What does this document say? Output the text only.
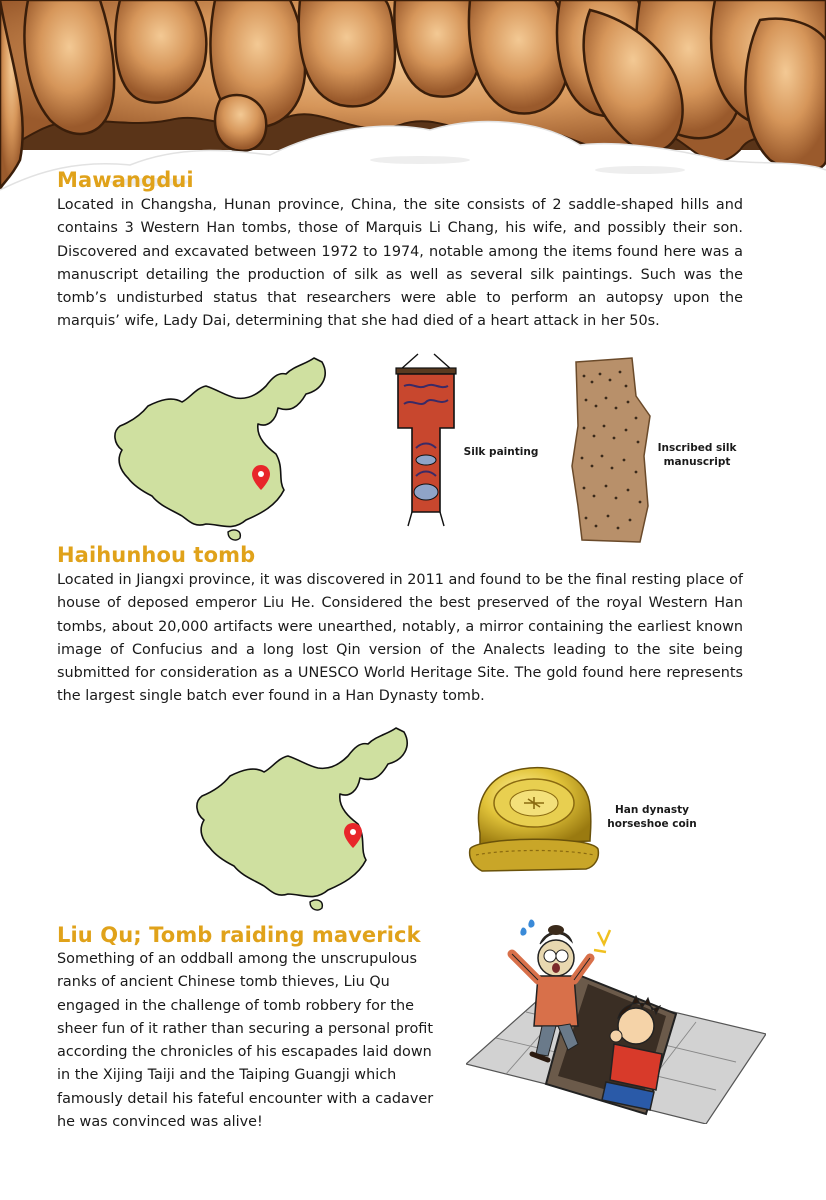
Mawangdui

Located in Changsha, Hunan province, China, the site consists of 2 saddle-shaped hills and contains 3 Western Han tombs, those of Marquis Li Chang, his wife, and possibly their son. Discovered and excavated between 1972 to 1974, notable among the items found here was a manuscript detailing the production of silk as well as several silk paintings. Such was the tomb’s undisturbed status that researchers were able to perform an autopsy upon the marquis’ wife, Lady Dai, determining that she had died of a heart attack in her 50s.

Silk painting	Inscribed silk
manuscript
Haihunhou tomb

Located in Jiangxi province, it was discovered in 2011 and found to be the final resting place of house of deposed emperor Liu He. Considered the best preserved of the royal Western Han tombs, about 20,000 artifacts were unearthed, notably, a mirror containing the earliest known image of Confucius and a long lost Qin version of the Analects leading to the site being submitted for consideration as a UNESCO World Heritage Site. The gold found here represents the largest single batch ever found in a Han Dynasty tomb.

Han dynasty
horseshoe coin
Liu Qu; Tomb raiding maverick

Something of an oddball among the unscrupulous ranks of ancient Chinese tomb thieves, Liu Qu engaged in the challenge of tomb robbery for the sheer fun of it rather than securing a personal profit according the chronicles of his escapades laid down in the Xijing Taiji and the Taiping Guangji which famously detail his fateful encounter with a cadaver he was convinced was alive!
